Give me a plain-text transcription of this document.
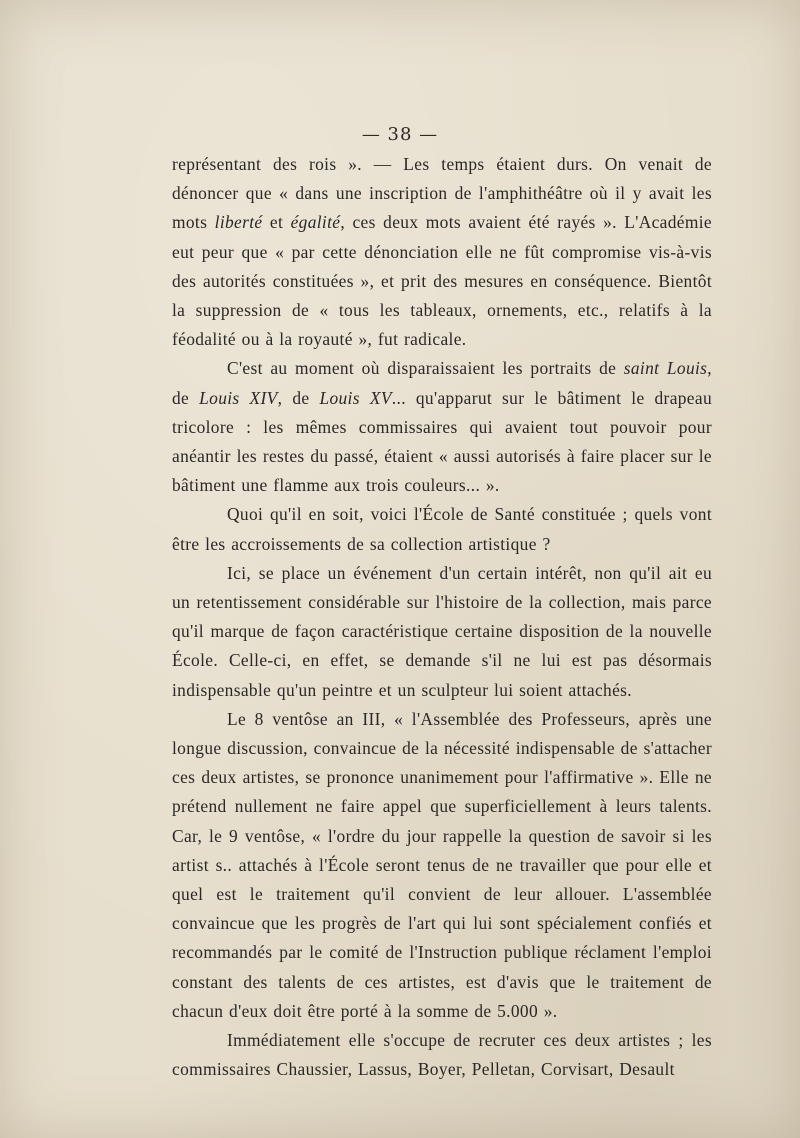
— 38 —

représentant des rois ». — Les temps étaient durs. On venait de dénoncer que « dans une inscription de l'amphithéâtre où il y avait les mots liberté et égalité, ces deux mots avaient été rayés ». L'Académie eut peur que « par cette dénonciation elle ne fût compromise vis-à-vis des autorités constituées », et prit des mesures en conséquence. Bientôt la suppression de « tous les tableaux, ornements, etc., relatifs à la féodalité ou à la royauté », fut radicale.

C'est au moment où disparaissaient les portraits de saint Louis, de Louis XIV, de Louis XV... qu'apparut sur le bâtiment le drapeau tricolore : les mêmes commissaires qui avaient tout pouvoir pour anéantir les restes du passé, étaient « aussi autorisés à faire placer sur le bâtiment une flamme aux trois couleurs... ».

Quoi qu'il en soit, voici l'École de Santé constituée ; quels vont être les accroissements de sa collection artistique ?

Ici, se place un événement d'un certain intérêt, non qu'il ait eu un retentissement considérable sur l'histoire de la collection, mais parce qu'il marque de façon caractéristique certaine disposition de la nouvelle École. Celle-ci, en effet, se demande s'il ne lui est pas désormais indispensable qu'un peintre et un sculpteur lui soient attachés.

Le 8 ventôse an III, « l'Assemblée des Professeurs, après une longue discussion, convaincue de la nécessité indispensable de s'attacher ces deux artistes, se prononce unanimement pour l'affirmative ». Elle ne prétend nullement ne faire appel que superficiellement à leurs talents. Car, le 9 ventôse, « l'ordre du jour rappelle la question de savoir si les artist s.. attachés à l'École seront tenus de ne travailler que pour elle et quel est le traitement qu'il convient de leur allouer. L'assemblée convaincue que les progrès de l'art qui lui sont spécialement confiés et recommandés par le comité de l'Instruction publique réclament l'emploi constant des talents de ces artistes, est d'avis que le traitement de chacun d'eux doit être porté à la somme de 5.000 ».

Immédiatement elle s'occupe de recruter ces deux artistes ; les commissaires Chaussier, Lassus, Boyer, Pelletan, Corvisart, Desault
